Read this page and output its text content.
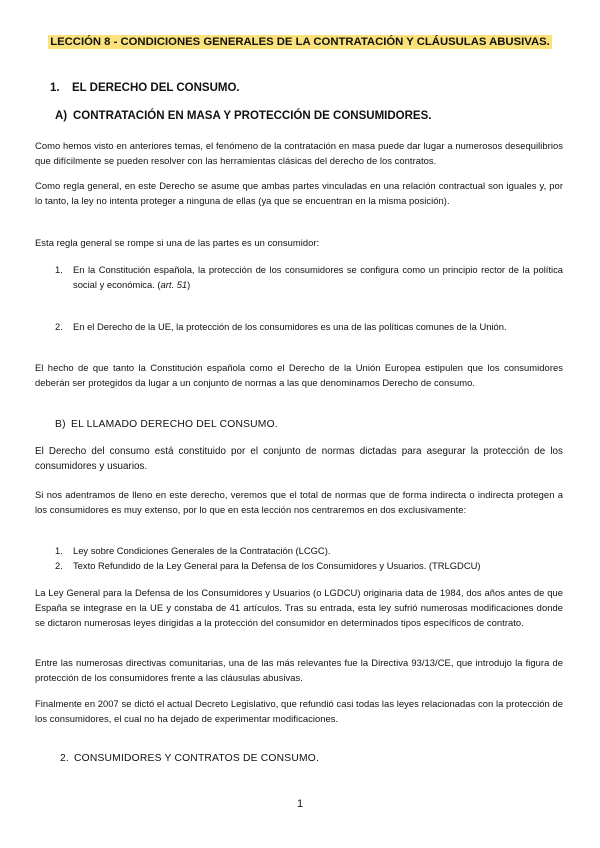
LECCIÓN 8 - CONDICIONES GENERALES DE LA CONTRATACIÓN Y CLÁUSULAS ABUSIVAS.
1. EL DERECHO DEL CONSUMO.
A) CONTRATACIÓN EN MASA Y PROTECCIÓN DE CONSUMIDORES.
Como hemos visto en anteriores temas, el fenómeno de la contratación en masa puede dar lugar a numerosos desequilibrios que difícilmente se pueden resolver con las herramientas clásicas del derecho de los contratos.
Como regla general, en este Derecho se asume que ambas partes vinculadas en una relación contractual son iguales y, por lo tanto, la ley no intenta proteger a ninguna de ellas (ya que se encuentran en la misma posición).
Esta regla general se rompe si una de las partes es un consumidor:
1. En la Constitución española, la protección de los consumidores se configura como un principio rector de la política social y económica. (art. 51)
2. En el Derecho de la UE, la protección de los consumidores es una de las políticas comunes de la Unión.
El hecho de que tanto la Constitución española como el Derecho de la Unión Europea estipulen que los consumidores deberán ser protegidos da lugar a un conjunto de normas a las que denominamos Derecho de consumo.
B) EL LLAMADO DERECHO DEL CONSUMO.
El Derecho del consumo está constituido por el conjunto de normas dictadas para asegurar la protección de los consumidores y usuarios.
Si nos adentramos de lleno en este derecho, veremos que el total de normas que de forma indirecta o indirecta protegen a los consumidores es muy extenso, por lo que en esta lección nos centraremos en dos exclusivamente:
1. Ley sobre Condiciones Generales de la Contratación (LCGC).
2. Texto Refundido de la Ley General para la Defensa de los Consumidores y Usuarios. (TRLGDCU)
La Ley General para la Defensa de los Consumidores y Usuarios (o LGDCU) originaria data de 1984, dos años antes de que España se integrase en la UE y constaba de 41 artículos. Tras su entrada, esta ley sufrió numerosas modificaciones donde se dictaron numerosas leyes dirigidas a la protección del consumidor en determinados tipos específicos de contrato.
Entre las numerosas directivas comunitarias, una de las más relevantes fue la Directiva 93/13/CE, que introdujo la figura de protección de los consumidores frente a las cláusulas abusivas.
Finalmente en 2007 se dictó el actual Decreto Legislativo, que refundió casi todas las leyes relacionadas con la protección de los consumidores, el cual no ha dejado de experimentar modificaciones.
2. CONSUMIDORES Y CONTRATOS DE CONSUMO.
1
